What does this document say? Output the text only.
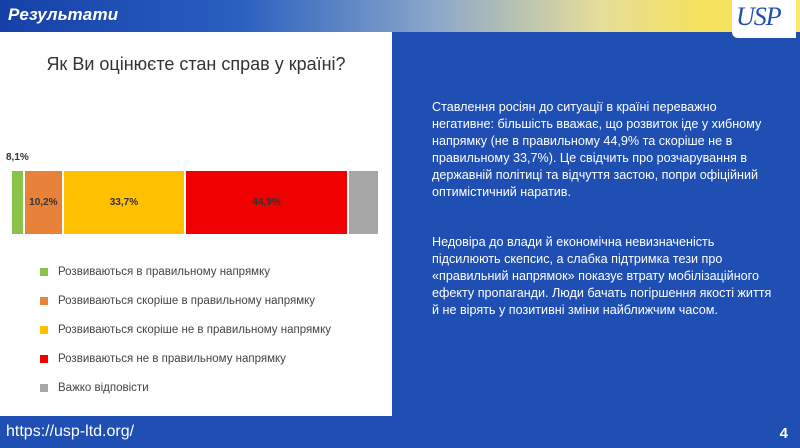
Результати	USP
Як Ви оцінюєте стан справ у країні?
8,1%
10,2%	33,7%	44,9%
Розвиваються в правильному напрямку
Розвиваються скоріше в правильному напрямку
Розвиваються скоріше не в правильному напрямку
Розвиваються не в правильному напрямку
Важко відповісти
Ставлення росіян до ситуації в країні переважно негативне: більшість вважає, що розвиток іде у хибному напрямку (не в правильному 44,9% та скоріше не в правильному 33,7%). Це свідчить про розчарування в державній політиці та відчуття застою, попри офіційний оптимістичний наратив.
Недовіра до влади й економічна невизначеність підсилюють скепсис, а слабка підтримка тези про «правильний напрямок» показує втрату мобілізаційного ефекту пропаганди. Люди бачать погіршення якості життя й не вірять у позитивні зміни найближчим часом.
https://usp-ltd.org/	4
